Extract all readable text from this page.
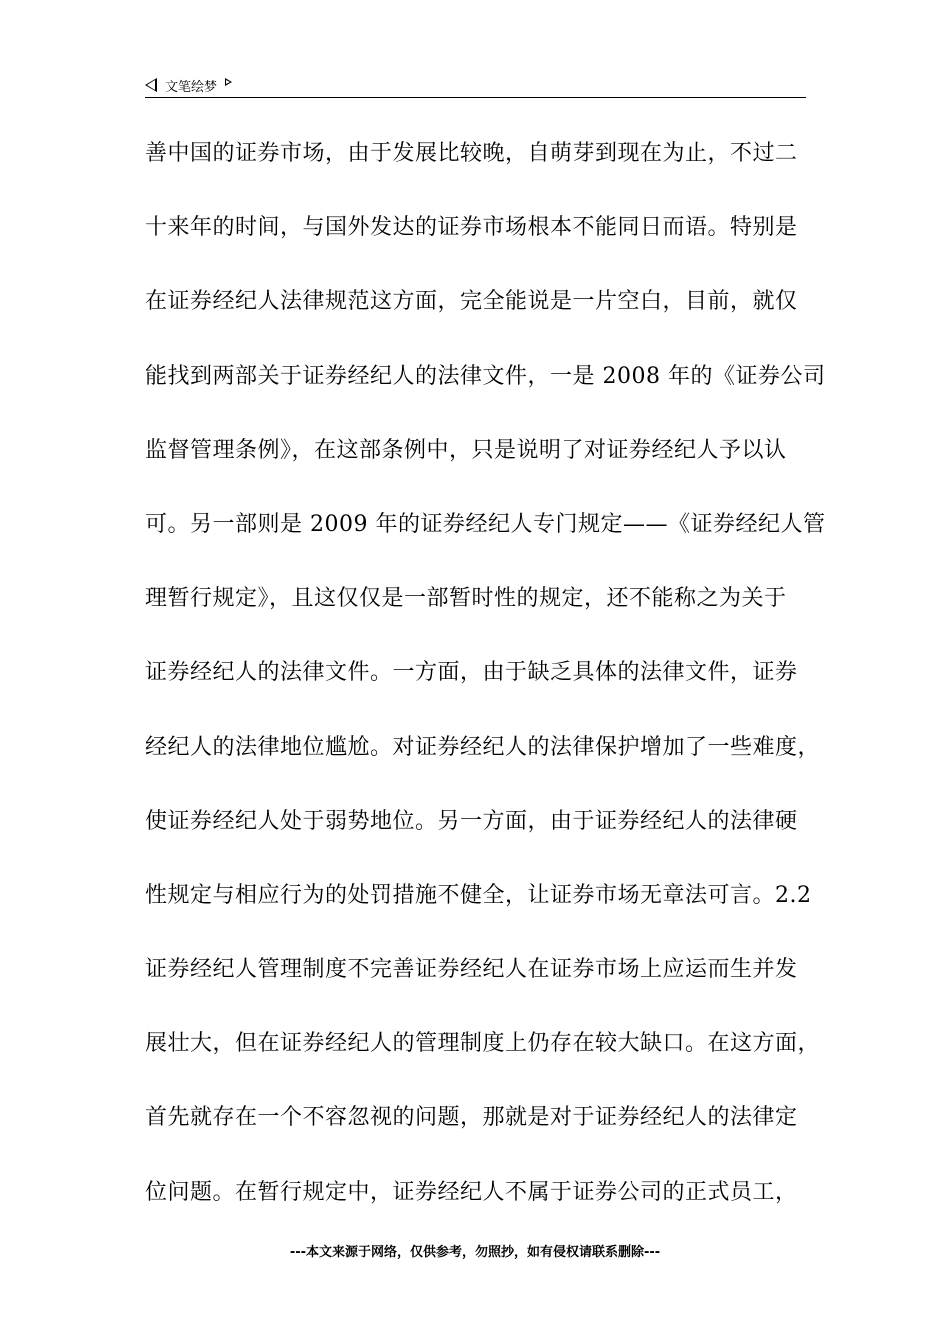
文笔绘梦
善中国的证券市场，由于发展比较晚，自萌芽到现在为止，不过二
十来年的时间，与国外发达的证券市场根本不能同日而语。特别是
在证券经纪人法律规范这方面，完全能说是一片空白，目前，就仅
能找到两部关于证券经纪人的法律文件，一是 2008 年的《证券公司
监督管理条例》，在这部条例中，只是说明了对证券经纪人予以认
可。另一部则是 2009 年的证券经纪人专门规定——《证券经纪人管
理暂行规定》，且这仅仅是一部暂时性的规定，还不能称之为关于
证券经纪人的法律文件。一方面，由于缺乏具体的法律文件，证券
经纪人的法律地位尴尬。对证券经纪人的法律保护增加了一些难度，
使证券经纪人处于弱势地位。另一方面，由于证券经纪人的法律硬
性规定与相应行为的处罚措施不健全，让证券市场无章法可言。2.2
证券经纪人管理制度不完善证券经纪人在证券市场上应运而生并发
展壮大，但在证券经纪人的管理制度上仍存在较大缺口。在这方面，
首先就存在一个不容忽视的问题，那就是对于证券经纪人的法律定
位问题。在暂行规定中，证券经纪人不属于证券公司的正式员工，
---本文来源于网络，仅供参考，勿照抄，如有侵权请联系删除---
